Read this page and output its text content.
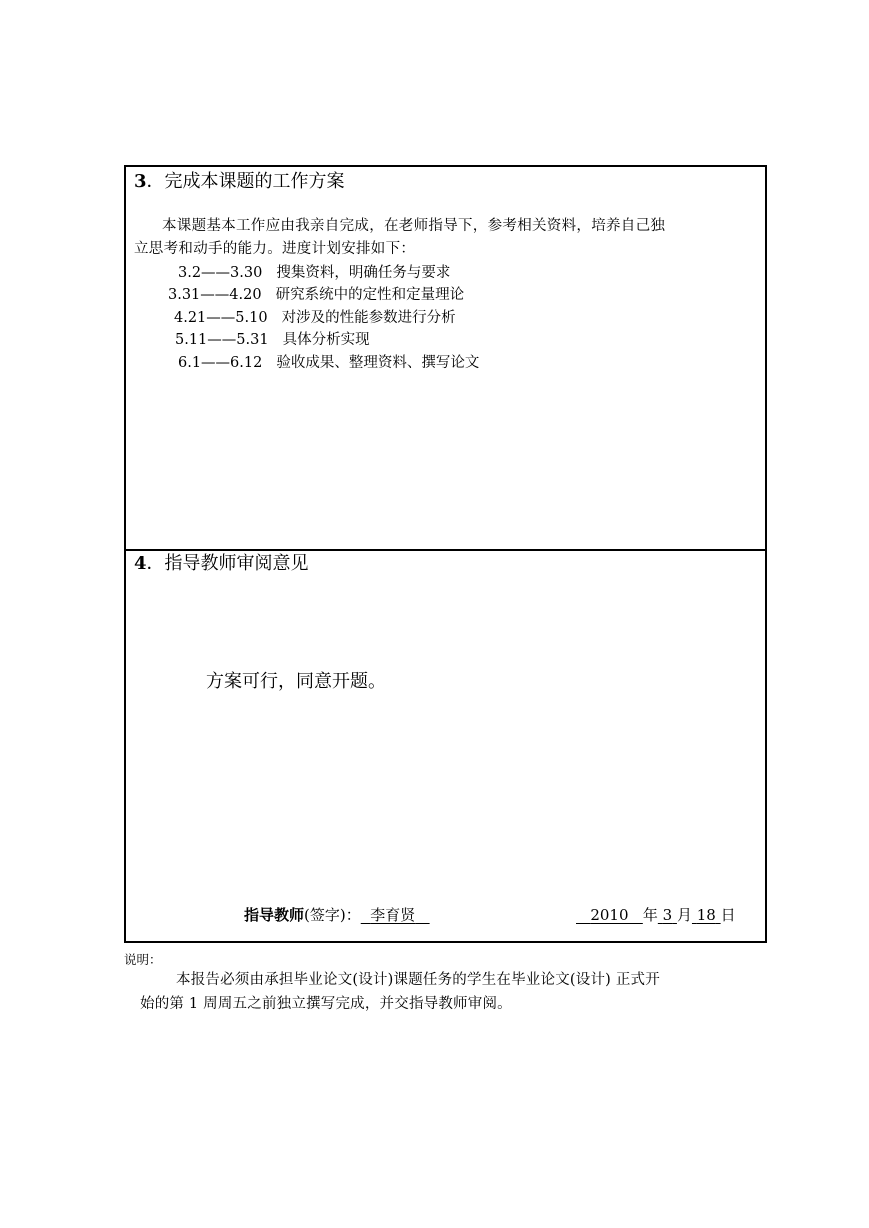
3．完成本课题的工作方案
本课题基本工作应由我亲自完成，在老师指导下，参考相关资料，培养自己独
立思考和动手的能力。进度计划安排如下：
3.2——3.30 搜集资料，明确任务与要求
3.31——4.20 研究系统中的定性和定量理论
4.21——5.10 对涉及的性能参数进行分析
5.11——5.31 具体分析实现
6.1——6.12 验收成果、整理资料、撰写论文
4．指导教师审阅意见
方案可行，同意开题。
指导教师(签字)： 李育贤	2010 年 3 月 18 日
说明：
本报告必须由承担毕业论文(设计)课题任务的学生在毕业论文(设计) 正式开
始的第 1 周周五之前独立撰写完成，并交指导教师审阅。
